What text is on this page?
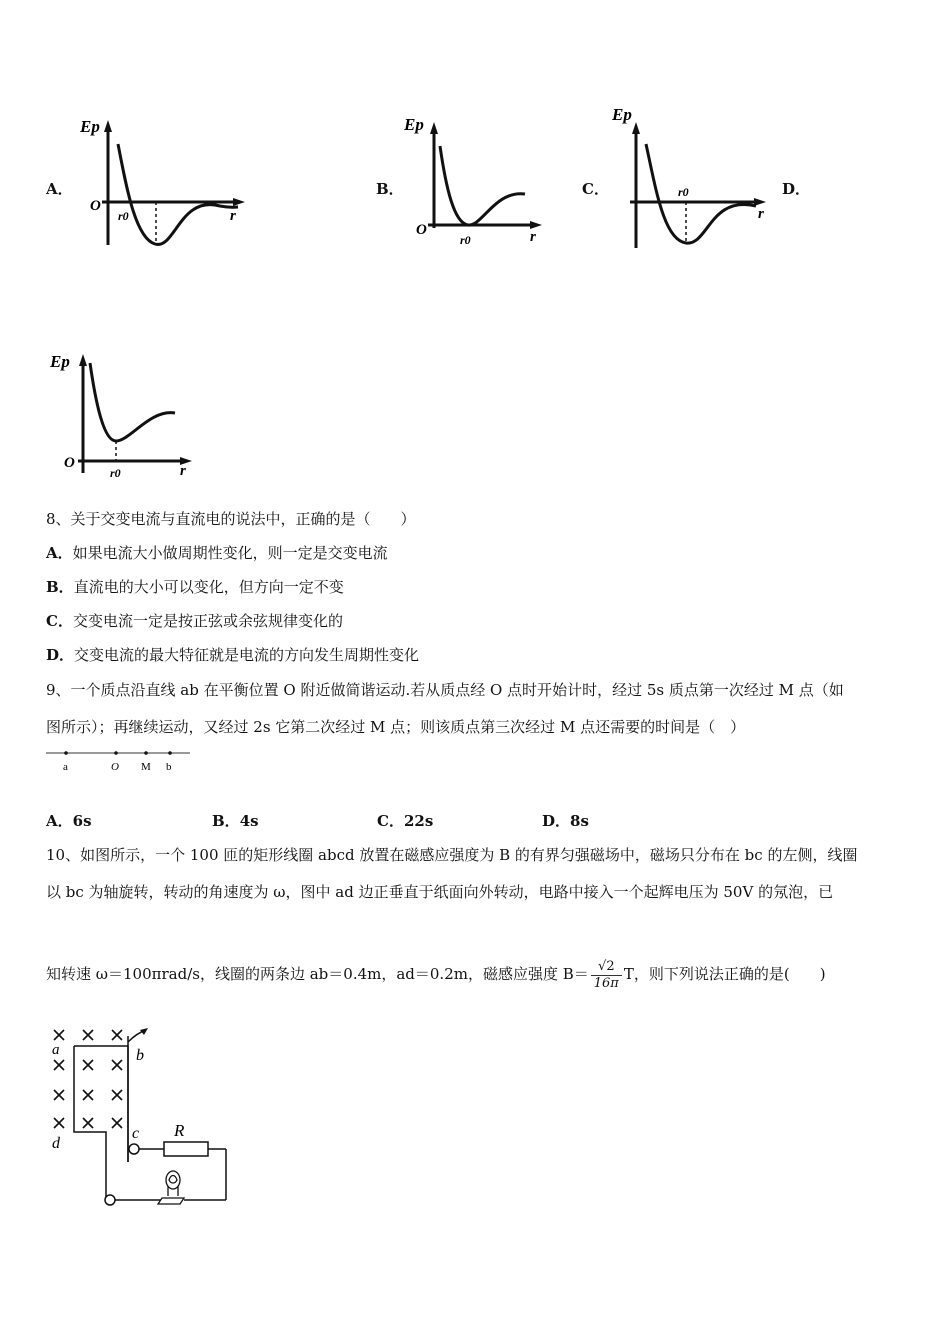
A．	B．	C．	D．
Ep
O
r0	r
Ep
O
r0	r
Ep
r0
r
Ep
O
r0	r
8、关于交变电流与直流电的说法中，正确的是（　　）
A．如果电流大小做周期性变化，则一定是交变电流
B．直流电的大小可以变化，但方向一定不变
C．交变电流一定是按正弦或余弦规律变化的
D．交变电流的最大特征就是电流的方向发生周期性变化
9、一个质点沿直线 ab 在平衡位置 O 附近做简谐运动.若从质点经 O 点时开始计时，经过 5s 质点第一次经过 M 点（如
图所示）；再继续运动，又经过 2s 它第二次经过 M 点；则该质点第三次经过 M 点还需要的时间是（　）
a	O M b
A．6s	B．4s	C．22s	D．8s
10、如图所示，一个 100 匝的矩形线圈 abcd 放置在磁感应强度为 B 的有界匀强磁场中，磁场只分布在 bc 的左侧，线圈
以 bc 为轴旋转，转动的角速度为 ω，图中 ad 边正垂直于纸面向外转动，电路中接入一个起辉电压为 50V 的氖泡，已
知转速 ω＝100πrad/s，线圈的两条边 ab＝0.4m，ad＝0.2m，磁感应强度 $B= \frac{√2}{16\pi}$ T，则下列说法正确的是(　　)
a	b
c
d
R
